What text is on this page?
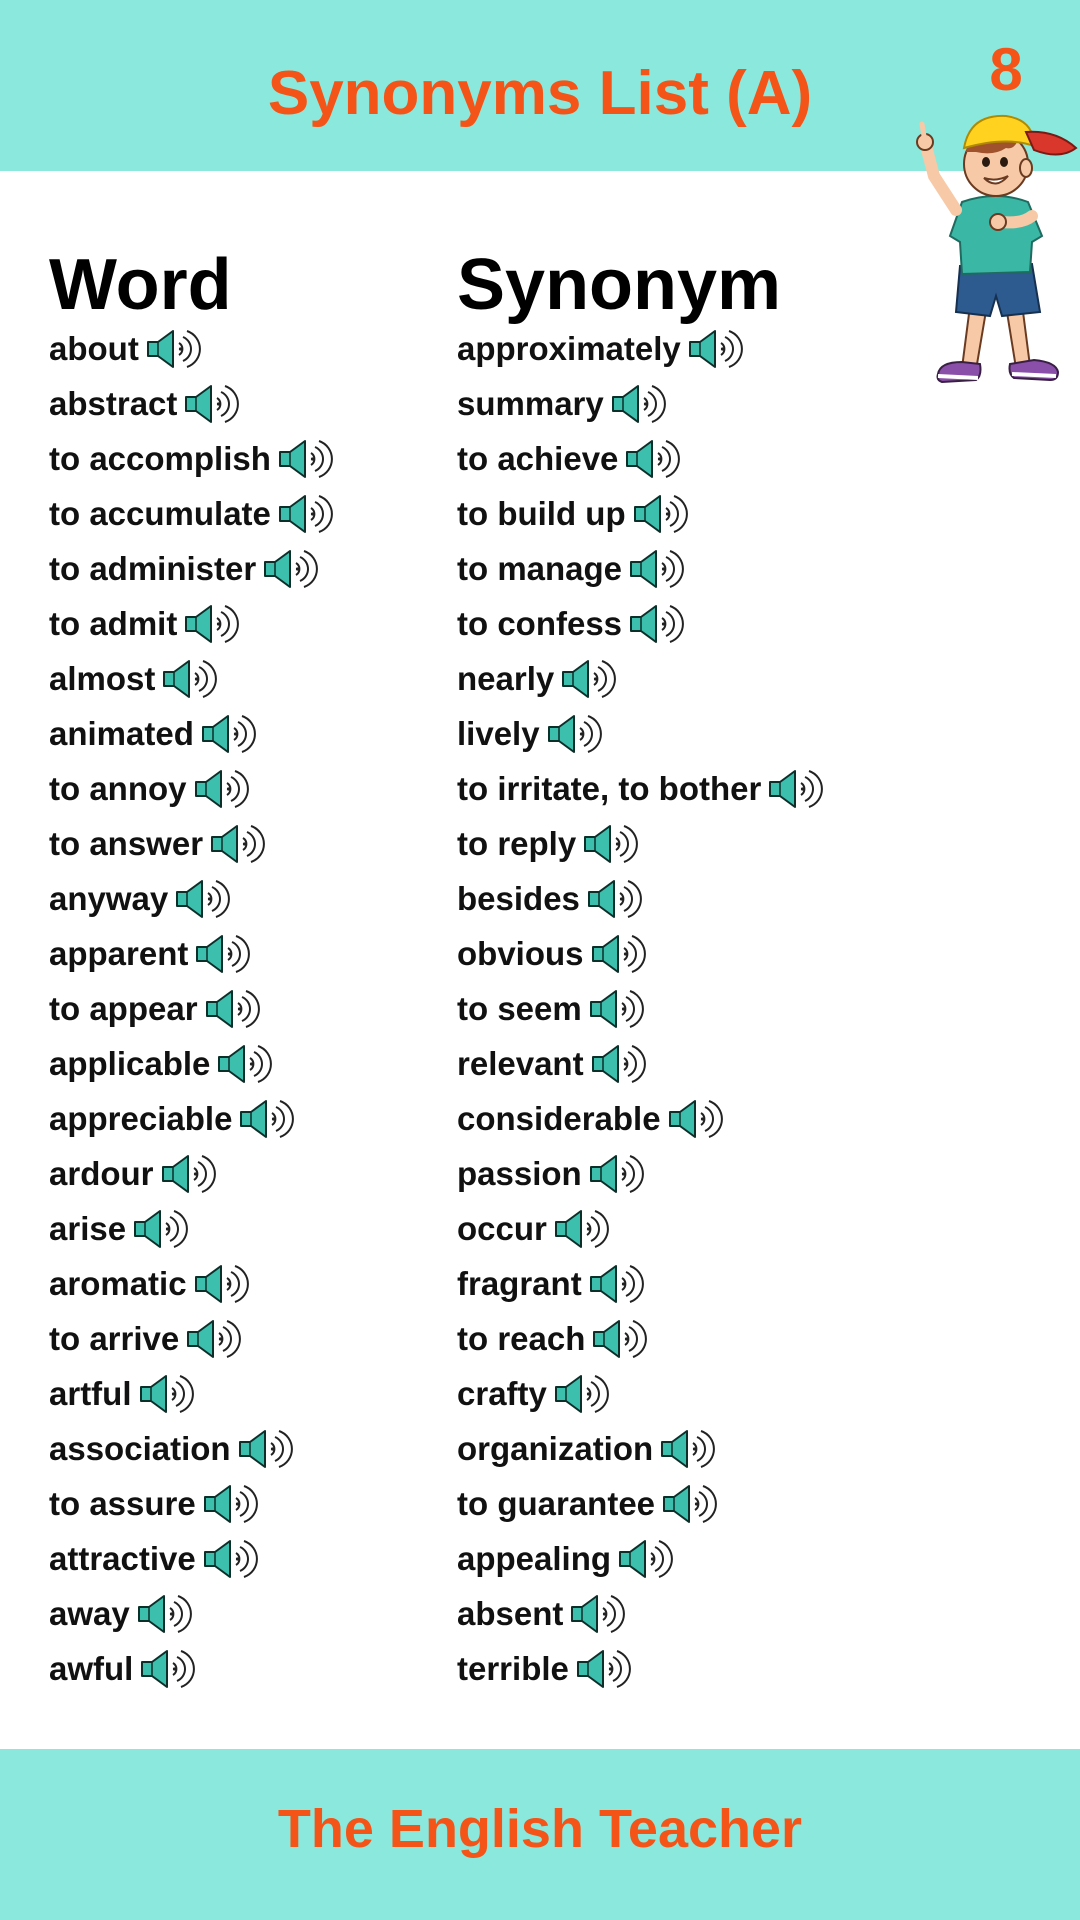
Synonyms List (A)	8
Word	Synonym
about	approximately
abstract	summary
to accomplish	to achieve
to accumulate	to build up
to administer	to manage
to admit	to confess
almost	nearly
animated	lively
to annoy	to irritate, to bother
to answer	to reply
anyway	besides
apparent	obvious
to appear	to seem
applicable	relevant
appreciable	considerable
ardour	passion
arise	occur
aromatic	fragrant
to arrive	to reach
artful	crafty
association	organization
to assure	to guarantee
attractive	appealing
away	absent
awful	terrible
The English Teacher
